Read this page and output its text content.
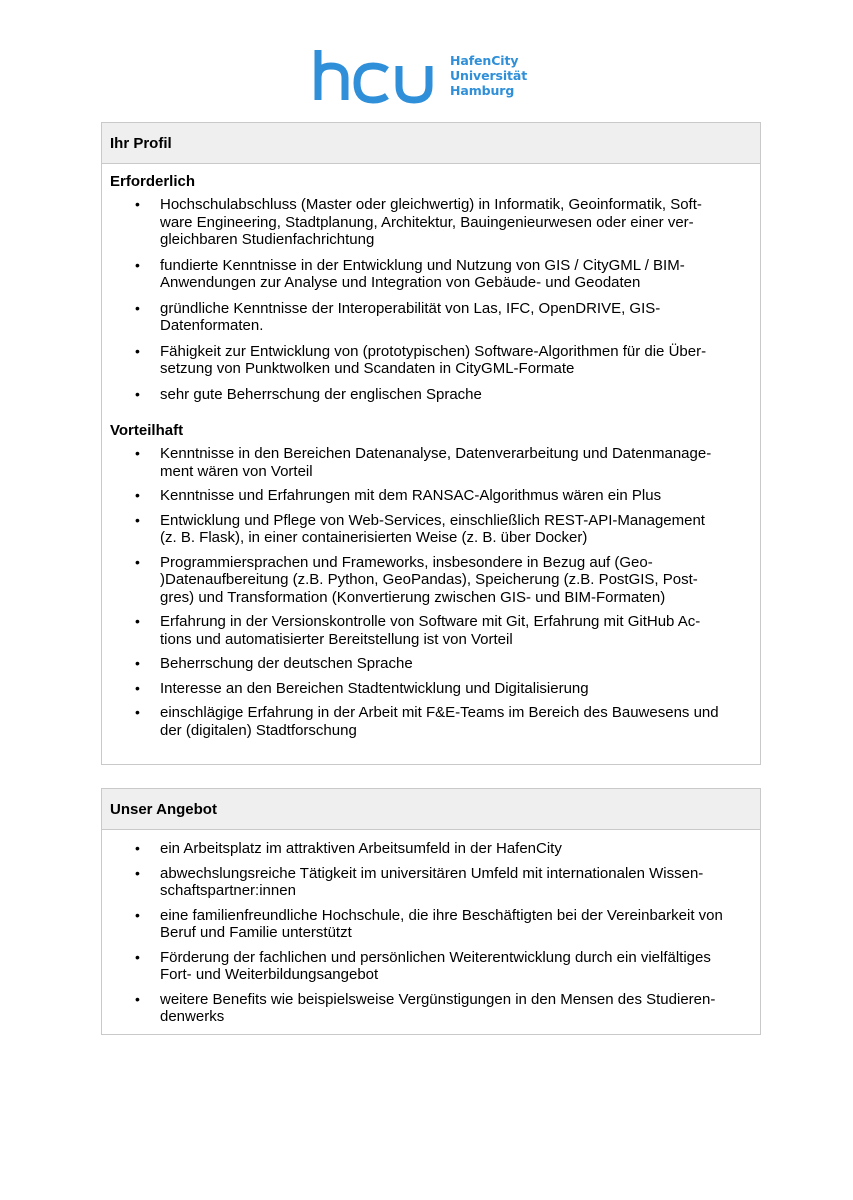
HafenCity
Universität
Hamburg
Ihr Profil
Erforderlich
• Hochschulabschluss (Master oder gleichwertig) in Informatik, Geoinformatik, Soft-
ware Engineering, Stadtplanung, Architektur, Bauingenieurwesen oder einer ver-
gleichbaren Studienfachrichtung
• fundierte Kenntnisse in der Entwicklung und Nutzung von GIS / CityGML / BIM-
Anwendungen zur Analyse und Integration von Gebäude- und Geodaten
• gründliche Kenntnisse der Interoperabilität von Las, IFC, OpenDRIVE, GIS-
Datenformaten.
• Fähigkeit zur Entwicklung von (prototypischen) Software-Algorithmen für die Über-
setzung von Punktwolken und Scandaten in CityGML-Formate
• sehr gute Beherrschung der englischen Sprache
Vorteilhaft
• Kenntnisse in den Bereichen Datenanalyse, Datenverarbeitung und Datenmanage-
ment wären von Vorteil
• Kenntnisse und Erfahrungen mit dem RANSAC-Algorithmus wären ein Plus
• Entwicklung und Pflege von Web-Services, einschließlich REST-API-Management
(z. B. Flask), in einer containerisierten Weise (z. B. über Docker)
• Programmiersprachen und Frameworks, insbesondere in Bezug auf (Geo-
)Datenaufbereitung (z.B. Python, GeoPandas), Speicherung (z.B. PostGIS, Post-
gres) und Transformation (Konvertierung zwischen GIS- und BIM-Formaten)
• Erfahrung in der Versionskontrolle von Software mit Git, Erfahrung mit GitHub Ac-
tions und automatisierter Bereitstellung ist von Vorteil
• Beherrschung der deutschen Sprache
• Interesse an den Bereichen Stadtentwicklung und Digitalisierung
• einschlägige Erfahrung in der Arbeit mit F&E-Teams im Bereich des Bauwesens und
der (digitalen) Stadtforschung
Unser Angebot
• ein Arbeitsplatz im attraktiven Arbeitsumfeld in der HafenCity
• abwechslungsreiche Tätigkeit im universitären Umfeld mit internationalen Wissen-
schaftspartner:innen
• eine familienfreundliche Hochschule, die ihre Beschäftigten bei der Vereinbarkeit von
Beruf und Familie unterstützt
• Förderung der fachlichen und persönlichen Weiterentwicklung durch ein vielfältiges
Fort- und Weiterbildungsangebot
• weitere Benefits wie beispielsweise Vergünstigungen in den Mensen des Studieren-
denwerks
